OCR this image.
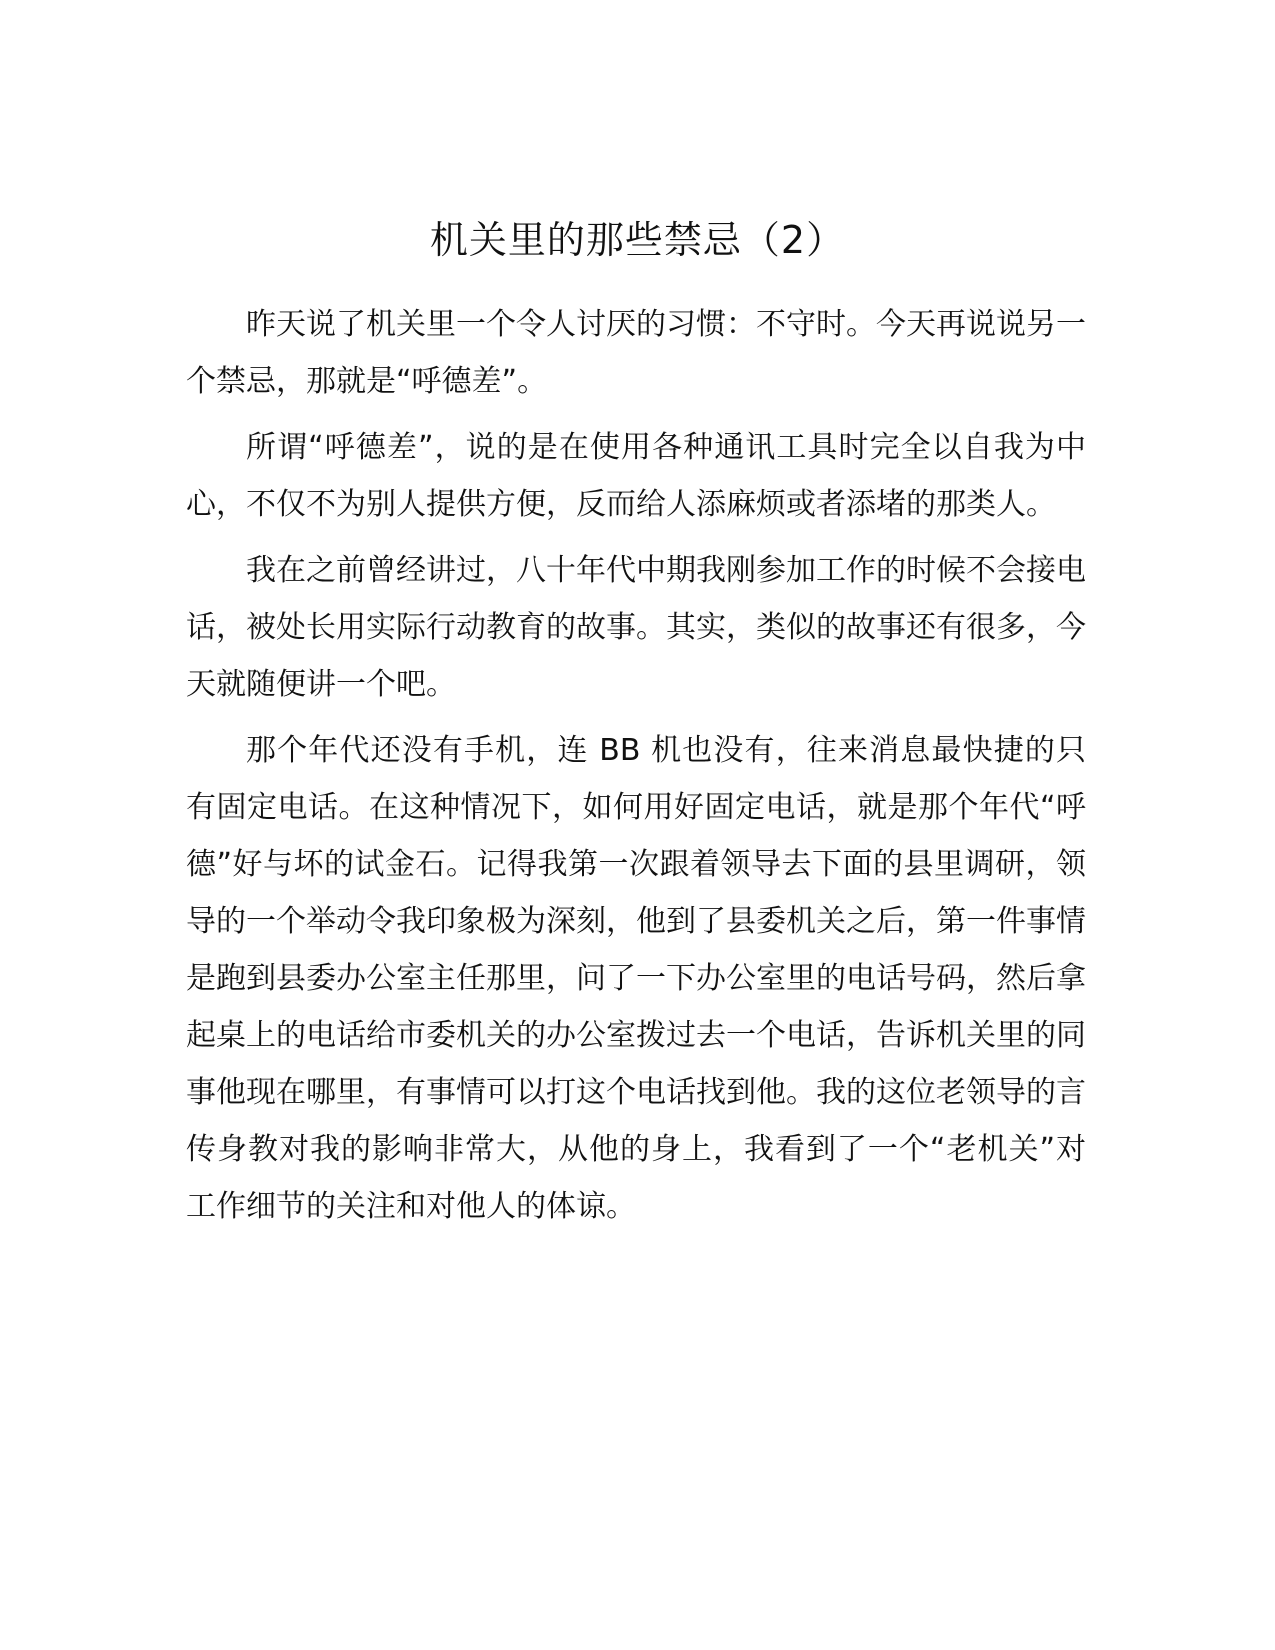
机关里的那些禁忌（2）

昨天说了机关里一个令人讨厌的习惯：不守时。今天再说说另一个禁忌，那就是“呼德差”。

所谓“呼德差”，说的是在使用各种通讯工具时完全以自我为中心，不仅不为别人提供方便，反而给人添麻烦或者添堵的那类人。

我在之前曾经讲过，八十年代中期我刚参加工作的时候不会接电话，被处长用实际行动教育的故事。其实，类似的故事还有很多，今天就随便讲一个吧。

那个年代还没有手机，连 BB 机也没有，往来消息最快捷的只有固定电话。在这种情况下，如何用好固定电话，就是那个年代“呼德”好与坏的试金石。记得我第一次跟着领导去下面的县里调研，领导的一个举动令我印象极为深刻，他到了县委机关之后，第一件事情是跑到县委办公室主任那里，问了一下办公室里的电话号码，然后拿起桌上的电话给市委机关的办公室拨过去一个电话，告诉机关里的同事他现在哪里，有事情可以打这个电话找到他。我的这位老领导的言传身教对我的影响非常大，从他的身上，我看到了一个“老机关”对工作细节的关注和对他人的体谅。
